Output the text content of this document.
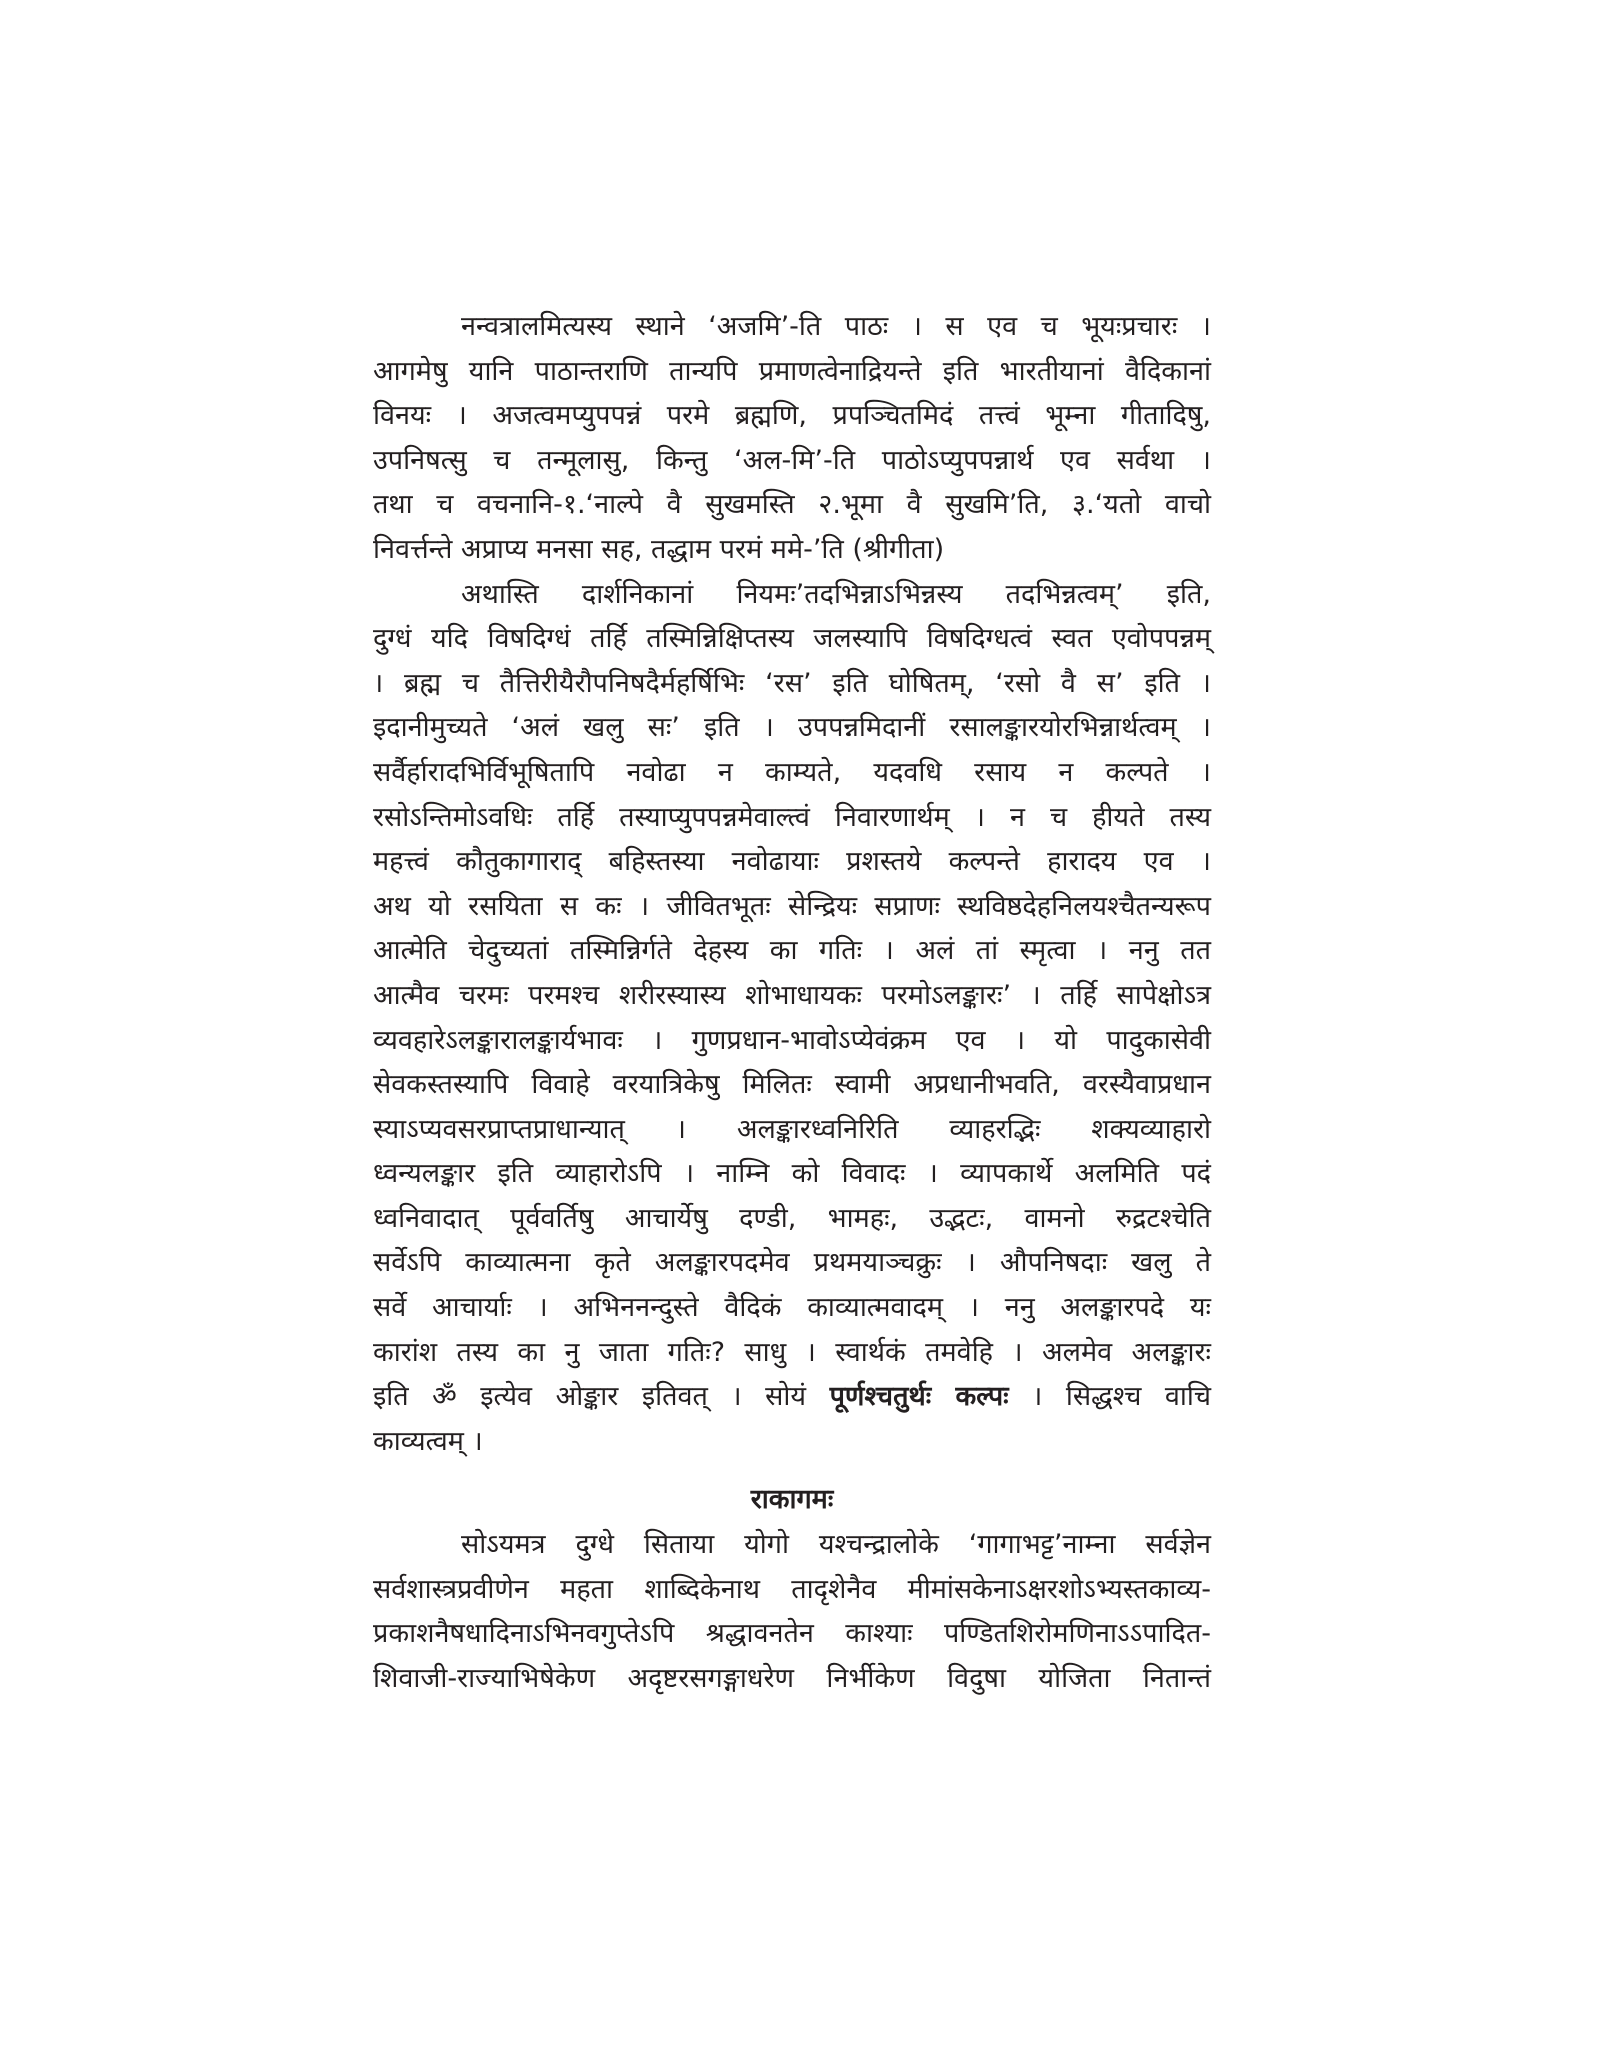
नन्वत्रालमित्यस्य स्थाने ‘अजमि’-ति पाठः । स एव च भूयःप्रचारः ।
आगमेषु यानि पाठान्तराणि तान्यपि प्रमाणत्वेनाद्रियन्ते इति भारतीयानां वैदिकानां
विनयः । अजत्वमप्युपपन्नं परमे ब्रह्मणि, प्रपञ्चितमिदं तत्त्वं भूम्ना गीतादिषु,
उपनिषत्सु च तन्मूलासु, किन्तु ‘अल-मि’-ति पाठोऽप्युपपन्नार्थ एव सर्वथा ।
तथा च वचनानि-१.‘नाल्पे वै सुखमस्ति २.भूमा वै सुखमि’ति, ३.‘यतो वाचो
निवर्त्तन्ते अप्राप्य मनसा सह, तद्धाम परमं ममे-’ति (श्रीगीता)
अथास्ति दार्शनिकानां नियमः’तदभिन्नाऽभिन्नस्य तदभिन्नत्वम्’ इति,
दुग्धं यदि विषदिग्धं तर्हि तस्मिन्निक्षिप्तस्य जलस्यापि विषदिग्धत्वं स्वत एवोपपन्नम्
। ब्रह्म च तैत्तिरीयैरौपनिषदैर्महर्षिभिः ‘रस’ इति घोषितम्, ‘रसो वै स’ इति ।
इदानीमुच्यते ‘अलं खलु सः’ इति । उपपन्नमिदानीं रसालङ्कारयोरभिन्नार्थत्वम् ।
सर्वैर्हारादभिर्विभूषितापि नवोढा न काम्यते, यदवधि रसाय न कल्पते ।
रसोऽन्तिमोऽवधिः तर्हि तस्याप्युपपन्नमेवाल्त्वं निवारणार्थम् । न च हीयते तस्य
महत्त्वं कौतुकागाराद् बहिस्तस्या नवोढायाः प्रशस्तये कल्पन्ते हारादय एव ।
अथ यो रसयिता स कः । जीवितभूतः सेन्द्रियः सप्राणः स्थविष्ठदेहनिलयश्चैतन्यरूप
आत्मेति चेदुच्यतां तस्मिन्निर्गते देहस्य का गतिः । अलं तां स्मृत्वा । ननु तत
आत्मैव चरमः परमश्च शरीरस्यास्य शोभाधायकः परमोऽलङ्कारः’ । तर्हि सापेक्षोऽत्र
व्यवहारेऽलङ्कारालङ्कार्यभावः । गुणप्रधान-भावोऽप्येवंक्रम एव । यो पादुकासेवी
सेवकस्तस्यापि विवाहे वरयात्रिकेषु मिलितः स्वामी अप्रधानीभवति, वरस्यैवाप्रधान
स्याऽप्यवसरप्राप्तप्राधान्यात् । अलङ्कारध्वनिरिति व्याहरद्भिः शक्यव्याहारो
ध्वन्यलङ्कार इति व्याहारोऽपि । नाम्नि को विवादः । व्यापकार्थे अलमिति पदं
ध्वनिवादात् पूर्ववर्तिषु आचार्येषु दण्डी, भामहः, उद्भटः, वामनो रुद्रटश्चेति
सर्वेऽपि काव्यात्मना कृते अलङ्कारपदमेव प्रथमयाञ्चक्रुः । औपनिषदाः खलु ते
सर्वे आचार्याः । अभिननन्दुस्ते वैदिकं काव्यात्मवादम् । ननु अलङ्कारपदे यः
कारांश तस्य का नु जाता गतिः? साधु । स्वार्थकं तमवेहि । अलमेव अलङ्कारः
इति ॐ इत्येव ओङ्कार इतिवत् । सोयं पूर्णश्चतुर्थः कल्पः । सिद्धश्च वाचि
काव्यत्वम् ।
राकागमः
सोऽयमत्र दुग्धे सिताया योगो यश्चन्द्रालोके ‘गागाभट्ट’नाम्ना सर्वज्ञेन
सर्वशास्त्रप्रवीणेन महता शाब्दिकेनाथ तादृशेनैव मीमांसकेनाऽक्षरशोऽभ्यस्तकाव्य-
प्रकाशनैषधादिनाऽभिनवगुप्तेऽपि श्रद्धावनतेन काश्याः पण्डितशिरोमणिनाऽऽपादित-
शिवाजी-राज्याभिषेकेण अदृष्टरसगङ्गाधरेण निर्भीकेण विदुषा योजिता नितान्तं
